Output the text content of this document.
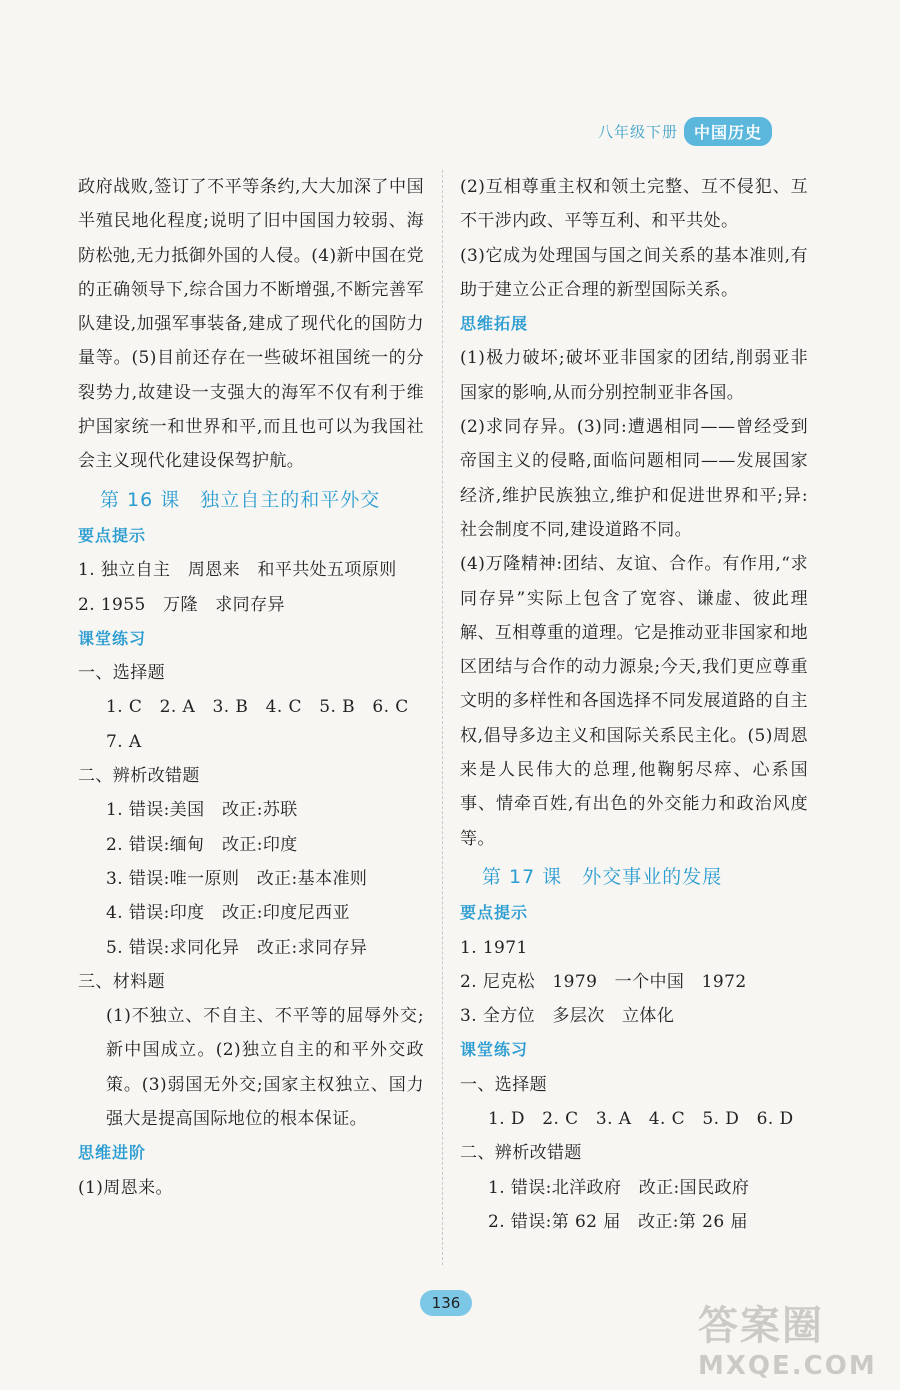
八年级下册	中国历史
政府战败,签订了不平等条约,大大加深了中国半殖民地化程度;说明了旧中国国力较弱、海防松弛,无力抵御外国的人侵。(4)新中国在党的正确领导下,综合国力不断增强,不断完善军队建设,加强军事装备,建成了现代化的国防力量等。(5)目前还存在一些破坏祖国统一的分裂势力,故建设一支强大的海军不仅有利于维护国家统一和世界和平,而且也可以为我国社会主义现代化建设保驾护航。
第 16 课　独立自主的和平外交
要点提示
1. 独立自主　周恩来　和平共处五项原则
2. 1955　万隆　求同存异
课堂练习
一、选择题
1. C　2. A　3. B　4. C　5. B　6. C
7. A
二、辨析改错题
1. 错误:美国　改正:苏联
2. 错误:缅甸　改正:印度
3. 错误:唯一原则　改正:基本准则
4. 错误:印度　改正:印度尼西亚
5. 错误:求同化异　改正:求同存异
三、材料题
(1)不独立、不自主、不平等的屈辱外交;新中国成立。(2)独立自主的和平外交政策。(3)弱国无外交;国家主权独立、国力强大是提高国际地位的根本保证。
思维进阶
(1)周恩来。
(2)互相尊重主权和领土完整、互不侵犯、互不干涉内政、平等互利、和平共处。
(3)它成为处理国与国之间关系的基本准则,有助于建立公正合理的新型国际关系。
思维拓展
(1)极力破坏;破坏亚非国家的团结,削弱亚非国家的影响,从而分别控制亚非各国。
(2)求同存异。(3)同:遭遇相同——曾经受到帝国主义的侵略,面临问题相同——发展国家经济,维护民族独立,维护和促进世界和平;异:社会制度不同,建设道路不同。
(4)万隆精神:团结、友谊、合作。有作用,“求同存异”实际上包含了宽容、谦虚、彼此理解、互相尊重的道理。它是推动亚非国家和地区团结与合作的动力源泉;今天,我们更应尊重文明的多样性和各国选择不同发展道路的自主权,倡导多边主义和国际关系民主化。(5)周恩来是人民伟大的总理,他鞠躬尽瘁、心系国事、情牵百姓,有出色的外交能力和政治风度等。
第 17 课　外交事业的发展
要点提示
1. 1971
2. 尼克松　1979　一个中国　1972
3. 全方位　多层次　立体化
课堂练习
一、选择题
1. D　2. C　3. A　4. C　5. D　6. D
二、辨析改错题
1. 错误:北洋政府　改正:国民政府
2. 错误:第 62 届　改正:第 26 届
136	答案圈
MXQE.COM
